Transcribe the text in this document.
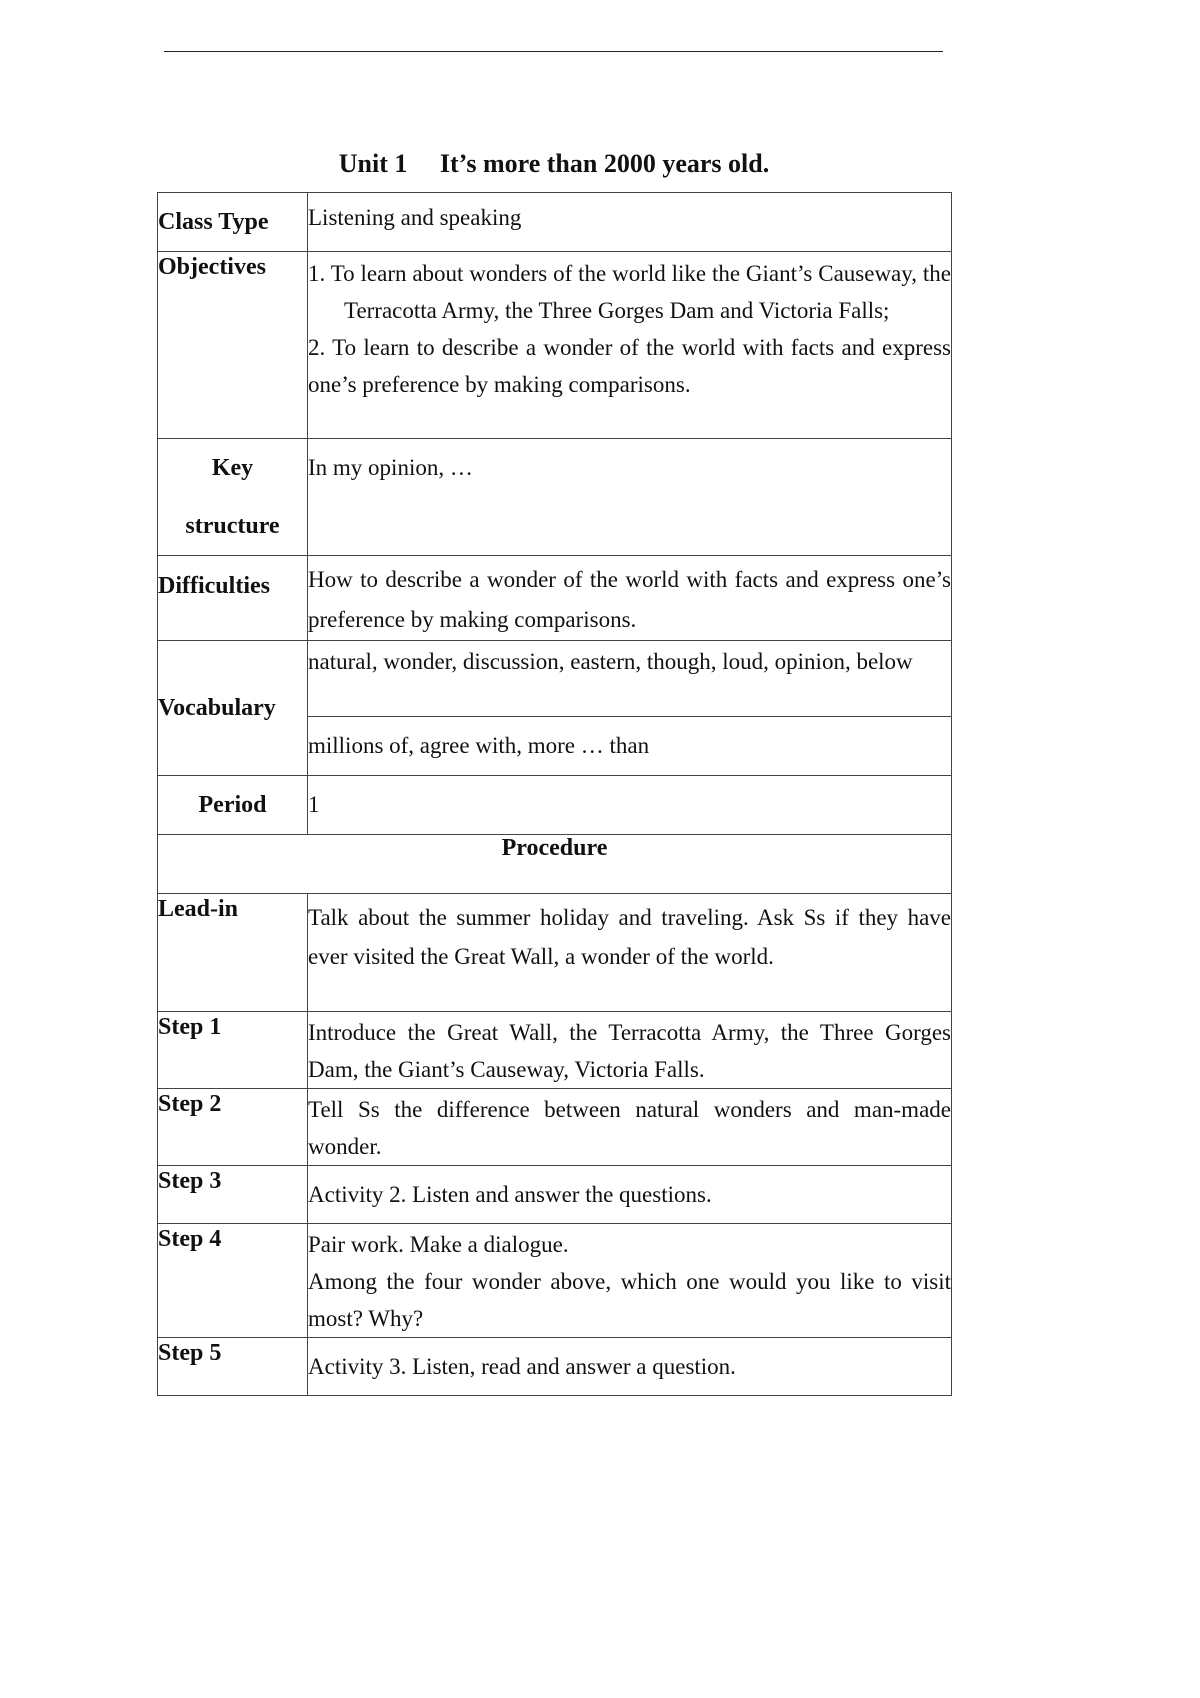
Unit 1     It’s more than 2000 years old.
Class Type	Listening and speaking
Objectives	1. To learn about wonders of the world like the Giant’s Causeway, the Terracotta Army, the Three Gorges Dam and Victoria Falls;
2. To learn to describe a wonder of the world with facts and express one’s preference by making comparisons.

Key
structure	In my opinion, …
Difficulties	How to describe a wonder of the world with facts and express one’s preference by making comparisons.
Vocabulary	natural, wonder, discussion, eastern, though, loud, opinion, below
	millions of, agree with, more … than
Period	1
Procedure	
Lead-in	Talk about the summer holiday and traveling. Ask Ss if they have ever visited the Great Wall, a wonder of the world.
Step 1	Introduce the Great Wall, the Terracotta Army, the Three Gorges Dam, the Giant’s Causeway, Victoria Falls.
Step 2	Tell Ss the difference between natural wonders and man-made wonder.
Step 3	Activity 2. Listen and answer the questions.
Step 4	Pair work. Make a dialogue.
Among the four wonder above, which one would you like to visit most? Why?

Step 5	Activity 3. Listen, read and answer a question.
